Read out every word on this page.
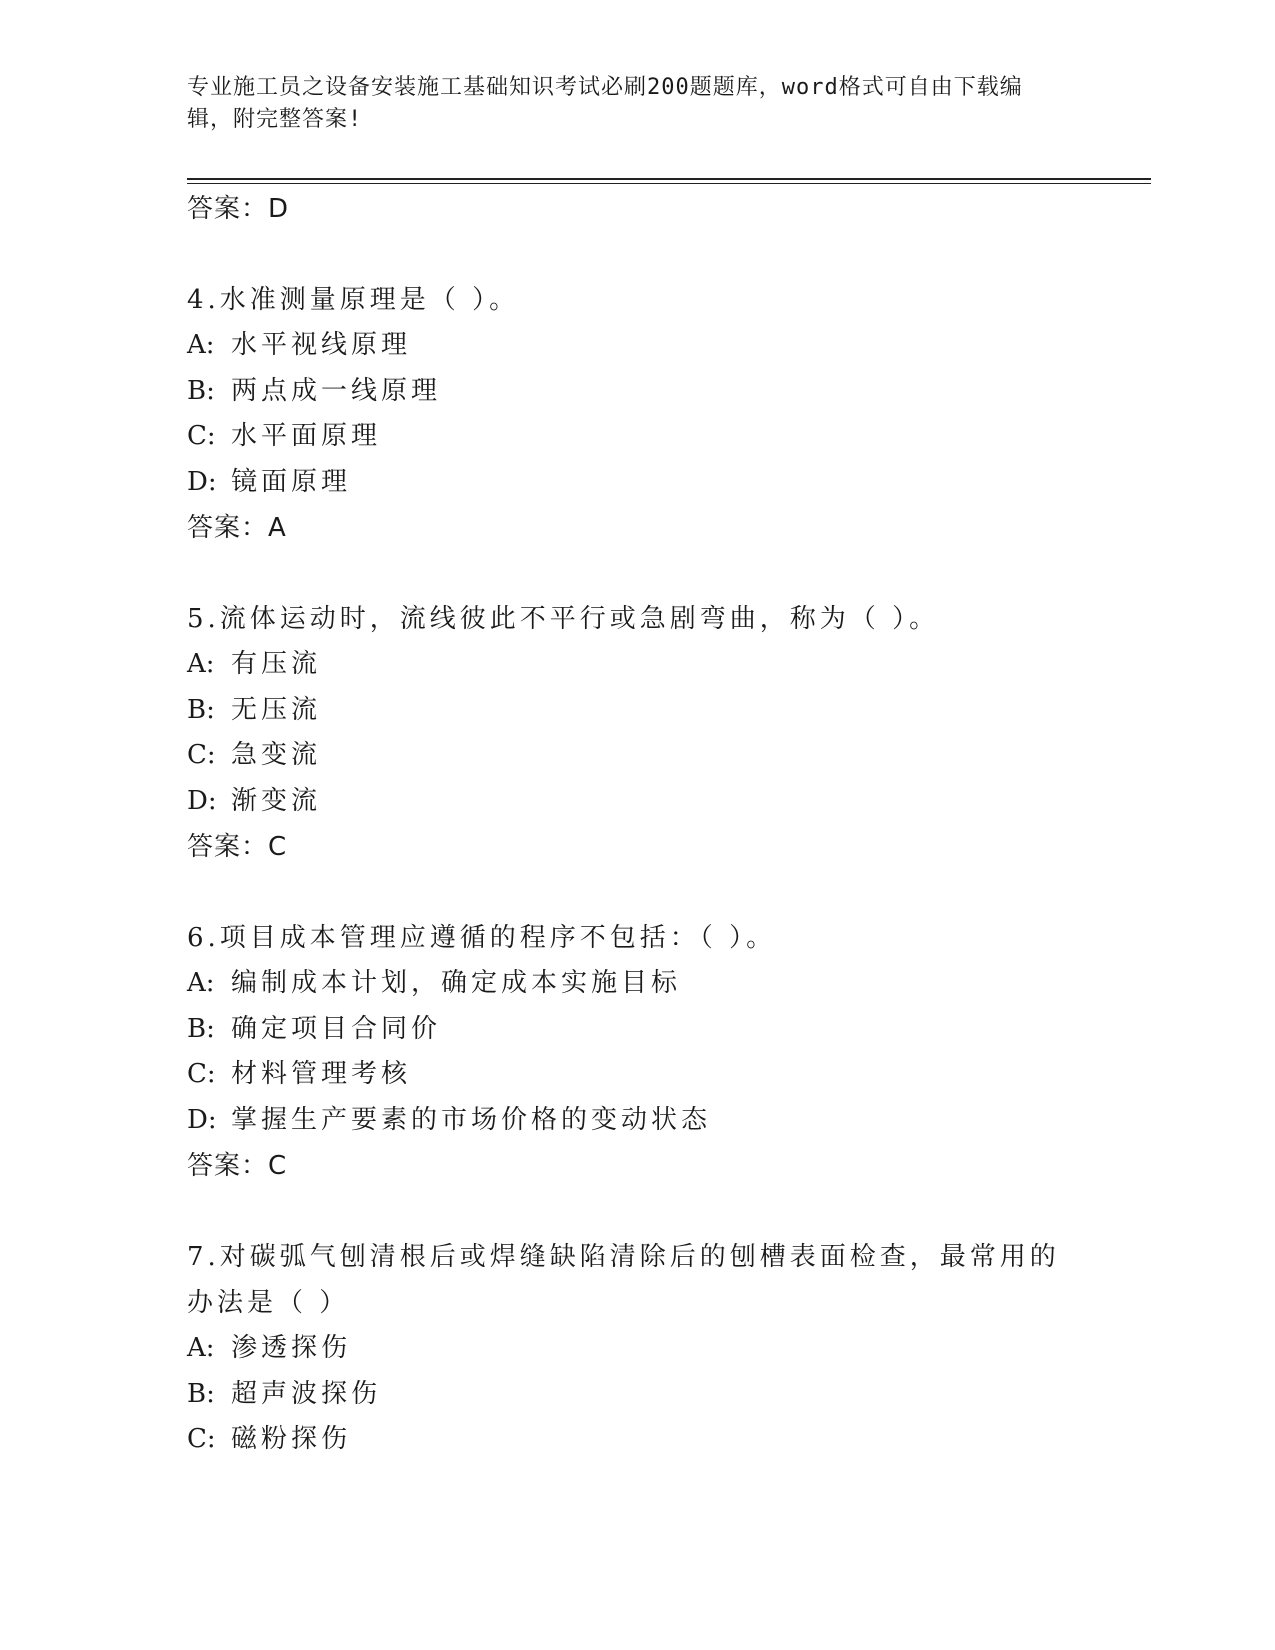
专业施工员之设备安装施工基础知识考试必刷200题题库，word格式可自由下载编辑，附完整答案!
答案：D
4.水准测量原理是（ ）。
A: 水平视线原理
B: 两点成一线原理
C: 水平面原理
D: 镜面原理
答案：A
5.流体运动时，流线彼此不平行或急剧弯曲，称为（ ）。
A: 有压流
B: 无压流
C: 急变流
D: 渐变流
答案：C
6.项目成本管理应遵循的程序不包括：（ ）。
A: 编制成本计划，确定成本实施目标
B: 确定项目合同价
C: 材料管理考核
D: 掌握生产要素的市场价格的变动状态
答案：C
7.对碳弧气刨清根后或焊缝缺陷清除后的刨槽表面检查，最常用的办法是（ ）
A: 渗透探伤
B: 超声波探伤
C: 磁粉探伤
